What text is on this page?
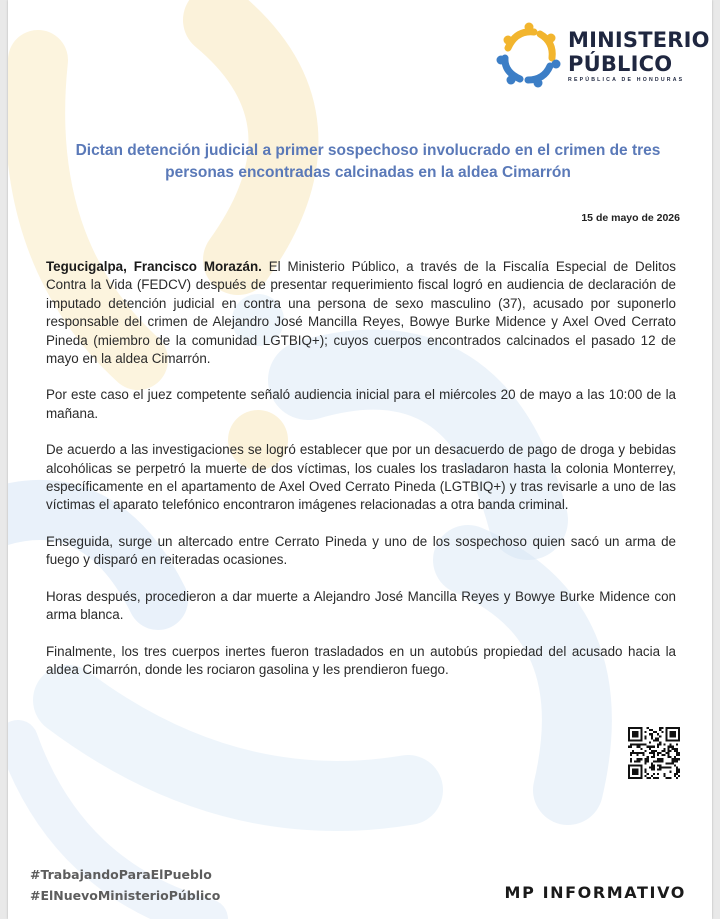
MINISTERIO
PÚBLICO
REPÚBLICA DE HONDURAS
Dictan detención judicial a primer sospechoso involucrado en el crimen de tres personas encontradas calcinadas en la aldea Cimarrón
15 de mayo de 2026

Tegucigalpa, Francisco Morazán. El Ministerio Público, a través de la Fiscalía Especial de Delitos Contra la Vida (FEDCV) después de presentar requerimiento fiscal logró en audiencia de declaración de imputado detención judicial en contra una persona de sexo masculino (37), acusado por suponerlo responsable del crimen de Alejandro José Mancilla Reyes, Bowye Burke Midence y Axel Oved Cerrato Pineda (miembro de la comunidad LGTBIQ+); cuyos cuerpos encontrados calcinados el pasado 12 de mayo en la aldea Cimarrón.

Por este caso el juez competente señaló audiencia inicial para el miércoles 20 de mayo a las 10:00 de la mañana.

De acuerdo a las investigaciones se logró establecer que por un desacuerdo de pago de droga y bebidas alcohólicas se perpetró la muerte de dos víctimas, los cuales los trasladaron hasta la colonia Monterrey, específicamente en el apartamento de Axel Oved Cerrato Pineda (LGTBIQ+) y tras revisarle a uno de las víctimas el aparato telefónico encontraron imágenes relacionadas a otra banda criminal.

Enseguida, surge un altercado entre Cerrato Pineda y uno de los sospechoso quien sacó un arma de fuego y disparó en reiteradas ocasiones.

Horas después, procedieron a dar muerte a Alejandro José Mancilla Reyes y Bowye Burke Midence con arma blanca.

Finalmente, los tres cuerpos inertes fueron trasladados en un autobús propiedad del acusado hacia la aldea Cimarrón, donde les rociaron gasolina y les prendieron fuego.

#TrabajandoParaElPueblo
#ElNuevoMinisterioPúblico	MP INFORMATIVO
